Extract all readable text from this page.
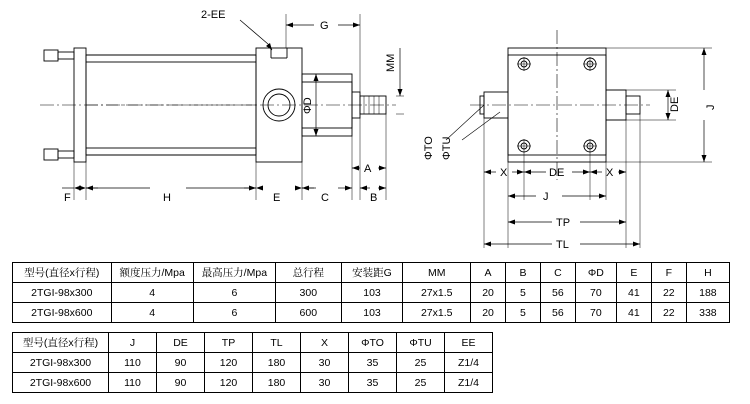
2-EE
G
MM
ΦD
A
B
C
E
H
F
ΦTO ΦTU
X	DE	X
DE J
J
TP
TL
型号(直径x行程)	额度压力/Mpa	最高压力/Mpa	总行程	安装距G	MM	A	B	C	ΦD	E	F	H
2TGI-98x300	4	6	300	103	27x1.5	20	5	56	70	41	22	188
2TGI-98x600	4	6	600	103	27x1.5	20	5	56	70	41	22	338
型号(直径x行程)	J	DE	TP	TL	X	ΦTO	ΦTU	EE
2TGI-98x300	110	90	120	180	30	35	25	Z1/4
2TGI-98x600	110	90	120	180	30	35	25	Z1/4
